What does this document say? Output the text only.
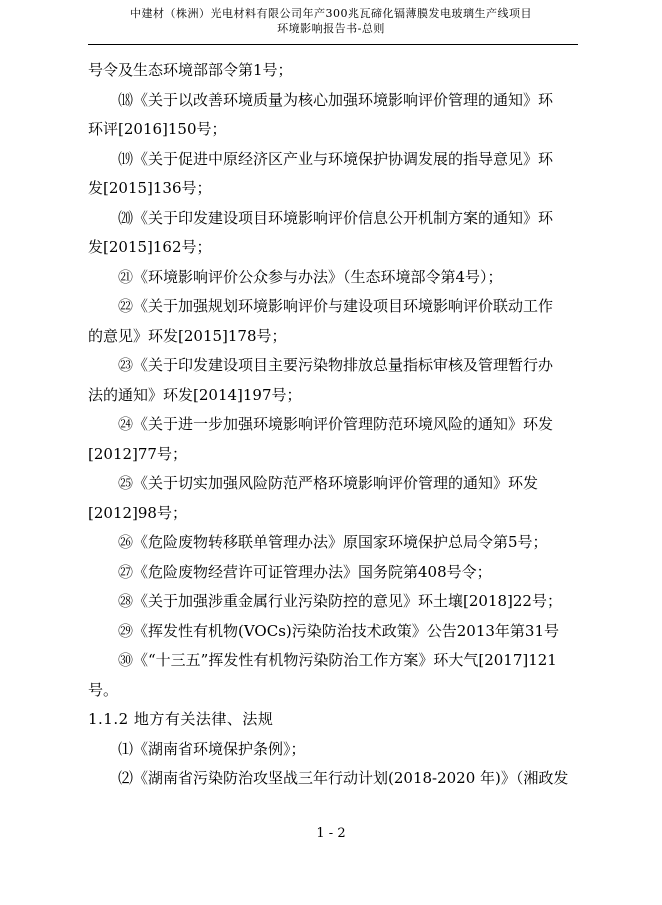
中建材（株洲）光电材料有限公司年产300兆瓦碲化镉薄膜发电玻璃生产线项目
环境影响报告书-总则
号令及生态环境部部令第1号；
⒅《关于以改善环境质量为核心加强环境影响评价管理的通知》环
环评[2016]150号；
⒆《关于促进中原经济区产业与环境保护协调发展的指导意见》环
发[2015]136号；
⒇《关于印发建设项目环境影响评价信息公开机制方案的通知》环
发[2015]162号；
㉑《环境影响评价公众参与办法》（生态环境部令第4号）；
㉒《关于加强规划环境影响评价与建设项目环境影响评价联动工作
的意见》环发[2015]178号；
㉓《关于印发建设项目主要污染物排放总量指标审核及管理暂行办
法的通知》环发[2014]197号；
㉔《关于进一步加强环境影响评价管理防范环境风险的通知》环发
[2012]77号；
㉕《关于切实加强风险防范严格环境影响评价管理的通知》环发
[2012]98号；
㉖《危险废物转移联单管理办法》原国家环境保护总局令第5号；
㉗《危险废物经营许可证管理办法》国务院第408号令；
㉘《关于加强涉重金属行业污染防控的意见》环土壤[2018]22号；
㉙《挥发性有机物(VOCs)污染防治技术政策》公告2013年第31号
㉚《“十三五”挥发性有机物污染防治工作方案》环大气[2017]121
号。
1.1.2 地方有关法律、法规
⑴《湖南省环境保护条例》；
⑵《湖南省污染防治攻坚战三年行动计划(2018-2020 年)》（湘政发
1 - 2
